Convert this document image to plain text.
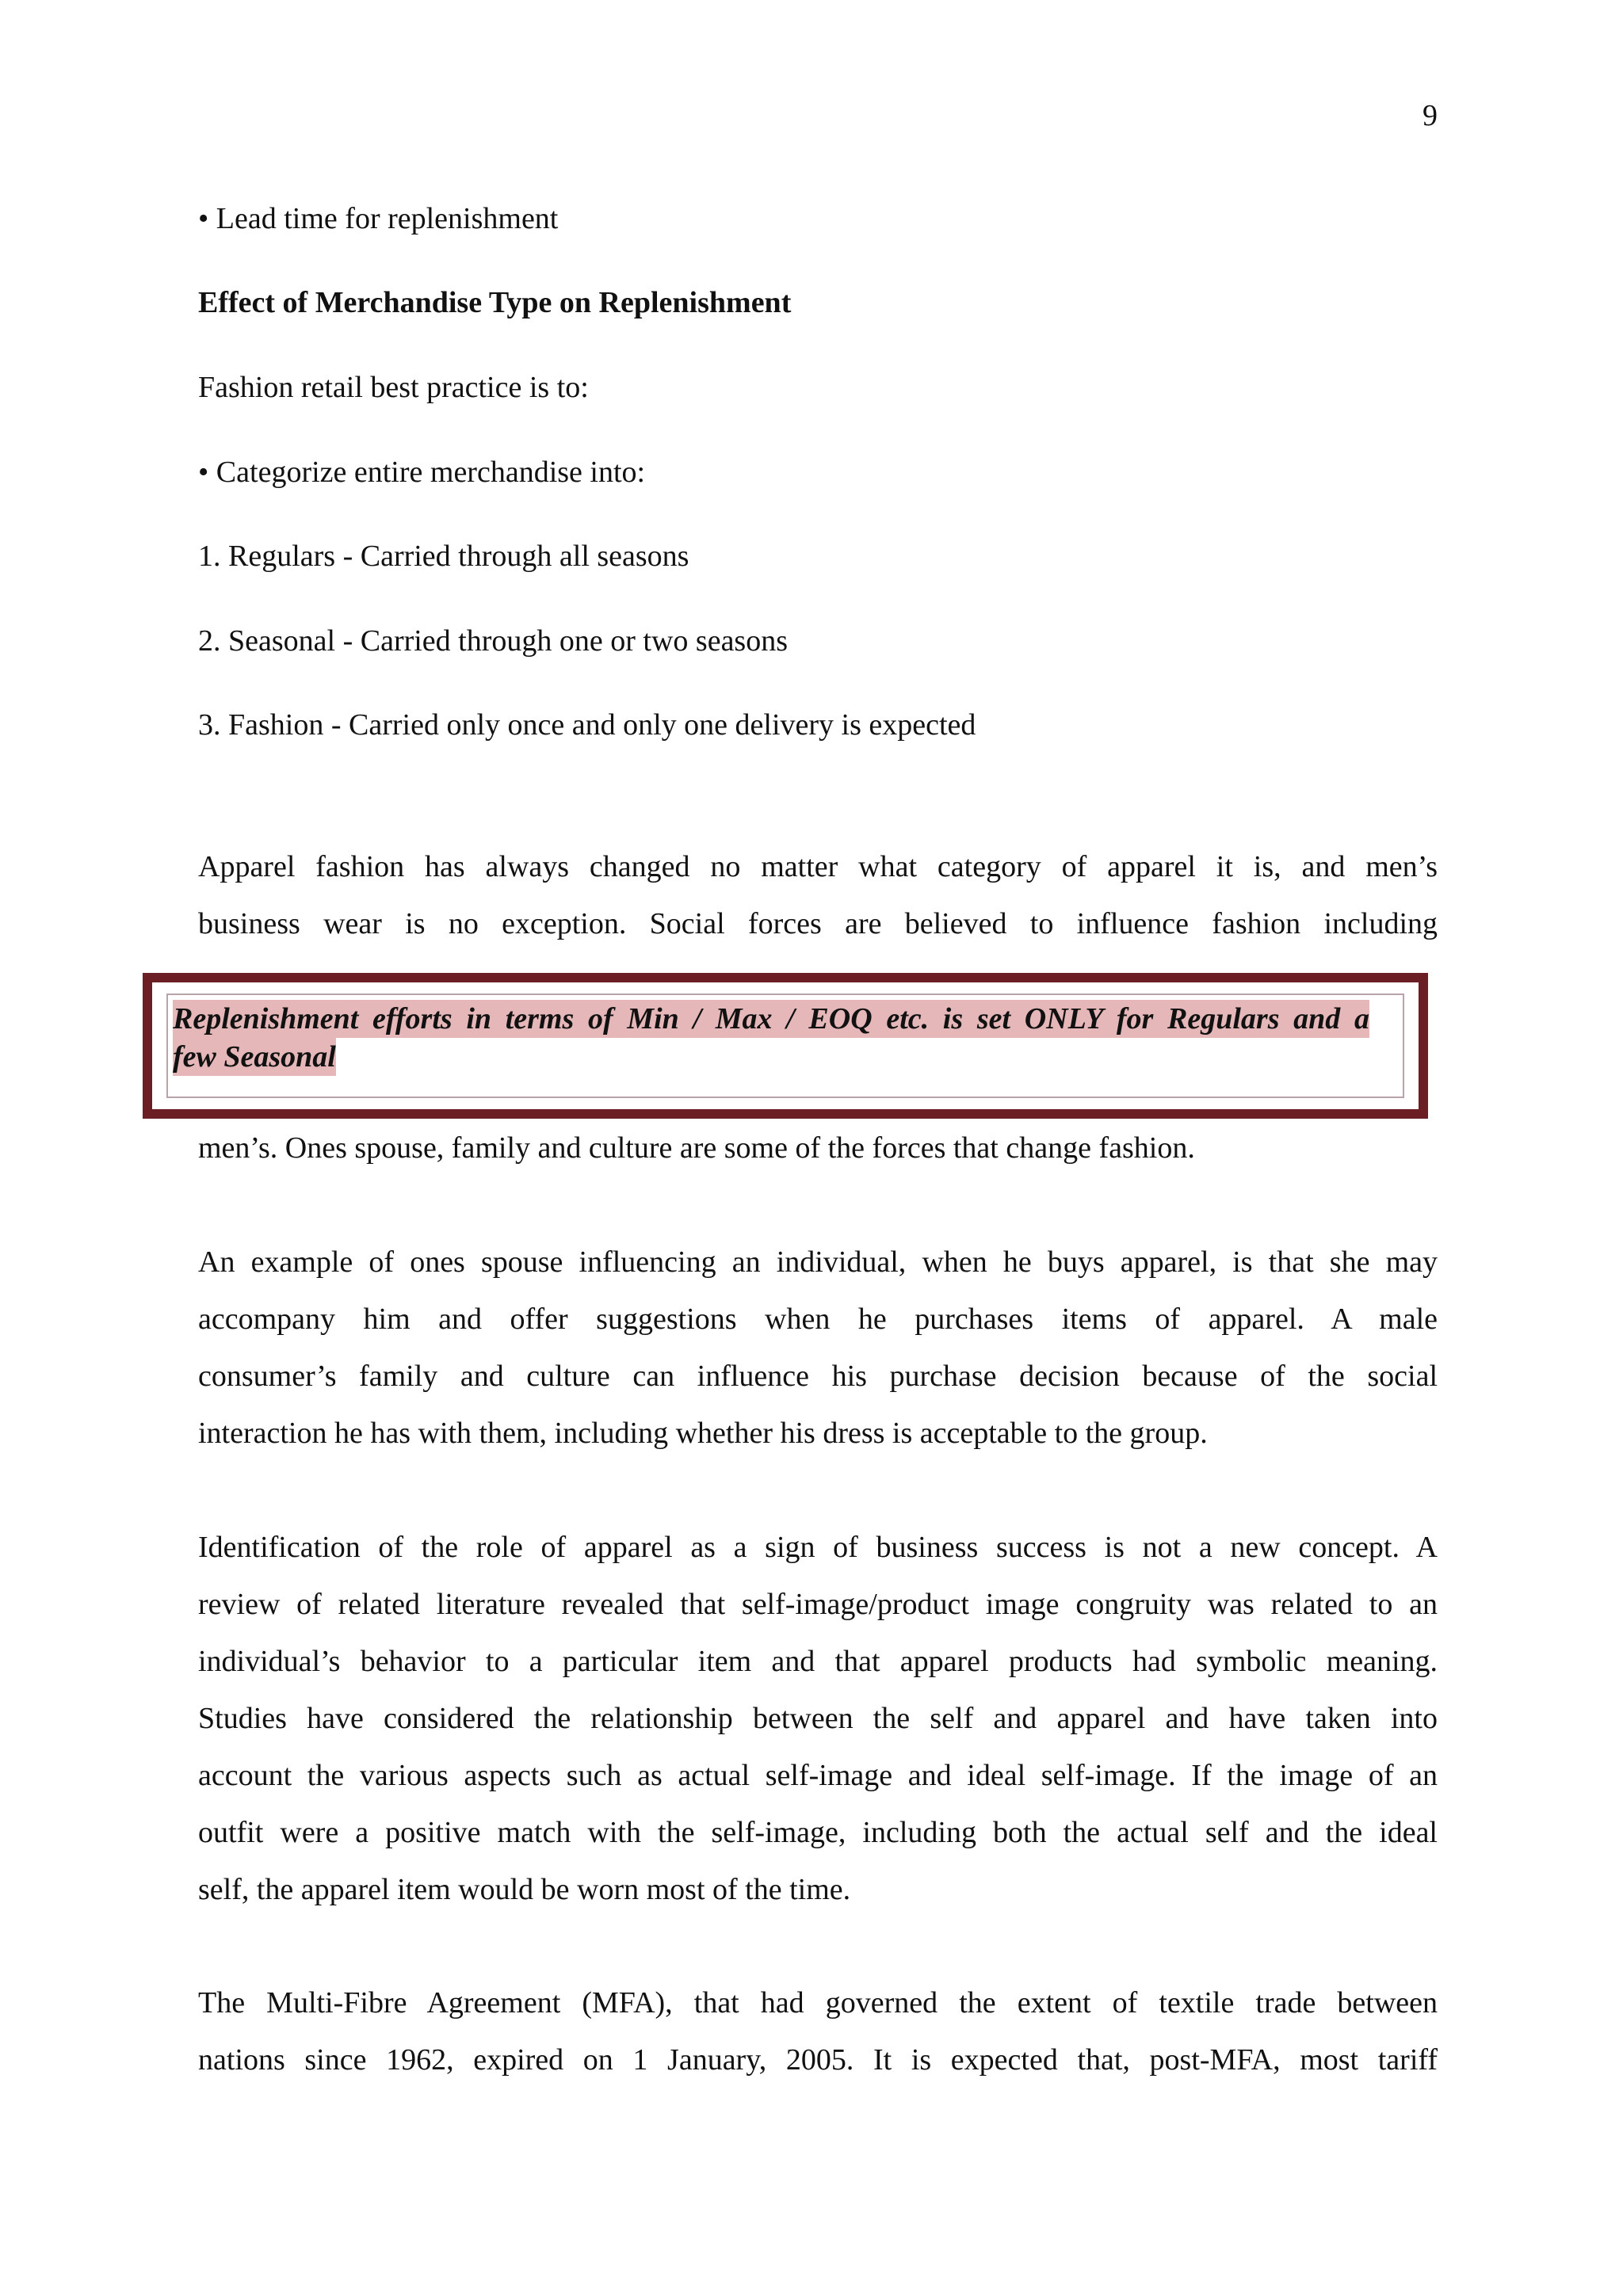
9
• Lead time for replenishment
Effect of Merchandise Type on Replenishment
Fashion retail best practice is to:
• Categorize entire merchandise into:
1. Regulars - Carried through all seasons
2. Seasonal - Carried through one or two seasons
3. Fashion - Carried only once and only one delivery is expected
Apparel fashion has always changed no matter what category of apparel it is, and men’s
business wear is no exception. Social forces are believed to influence fashion including
Replenishment efforts in terms of Min / Max / EOQ etc. is set ONLY for Regulars and a
few Seasonal
men’s. Ones spouse, family and culture are some of the forces that change fashion.
An example of ones spouse influencing an individual, when he buys apparel, is that she may
accompany him and offer suggestions when he purchases items of apparel. A male
consumer’s family and culture can influence his purchase decision because of the social
interaction he has with them, including whether his dress is acceptable to the group.
Identification of the role of apparel as a sign of business success is not a new concept. A
review of related literature revealed that self-image/product image congruity was related to an
individual’s behavior to a particular item and that apparel products had symbolic meaning.
Studies have considered the relationship between the self and apparel and have taken into
account the various aspects such as actual self-image and ideal self-image. If the image of an
outfit were a positive match with the self-image, including both the actual self and the ideal
self, the apparel item would be worn most of the time.
The Multi-Fibre Agreement (MFA), that had governed the extent of textile trade between
nations since 1962, expired on 1 January, 2005. It is expected that, post-MFA, most tariff
